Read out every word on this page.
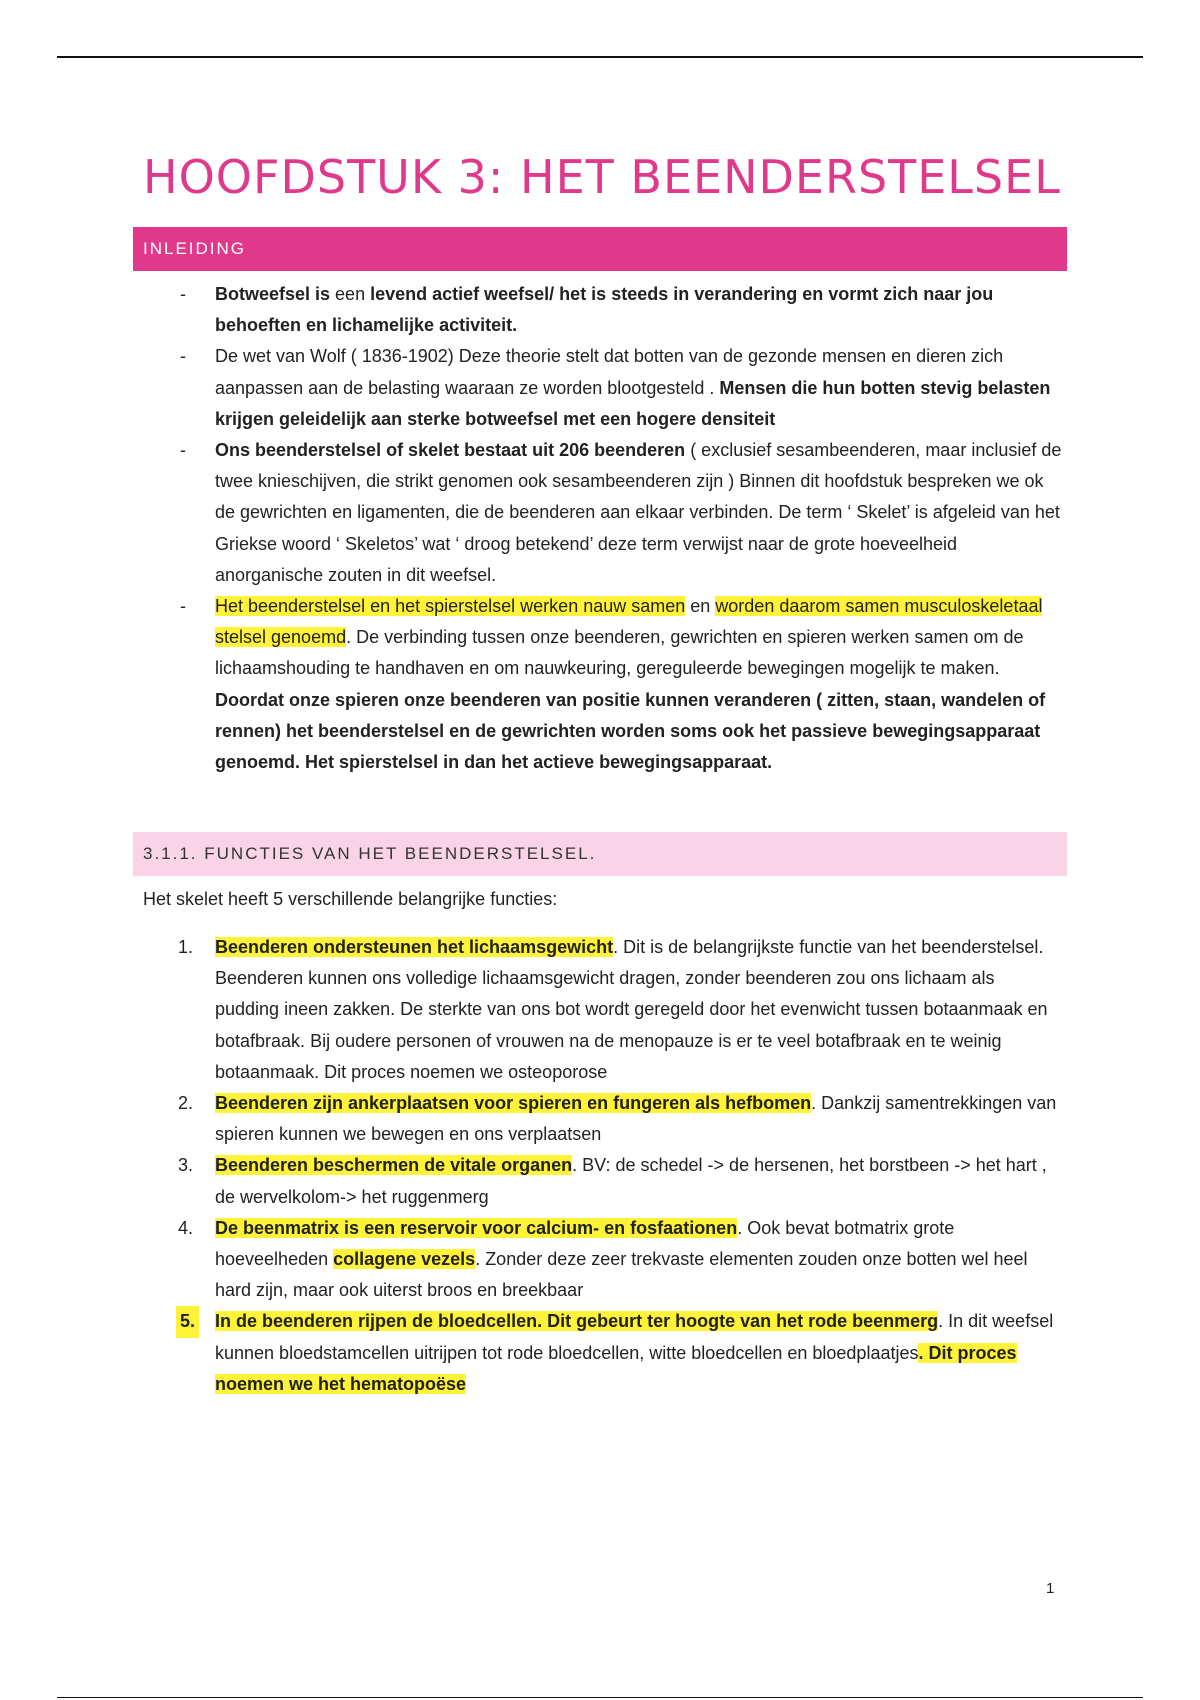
HOOFDSTUK 3: HET BEENDERSTELSEL
INLEIDING
- Botweefsel is een levend actief weefsel/ het is steeds in verandering en vormt zich naar jou behoeften en lichamelijke activiteit.
- De wet van Wolf ( 1836-1902) Deze theorie stelt dat botten van de gezonde mensen en dieren zich aanpassen aan de belasting waaraan ze worden blootgesteld . Mensen die hun botten stevig belasten krijgen geleidelijk aan sterke botweefsel met een hogere densiteit
- Ons beenderstelsel of skelet bestaat uit 206 beenderen ( exclusief sesambeenderen, maar inclusief de twee knieschijven, die strikt genomen ook sesambeenderen zijn ) Binnen dit hoofdstuk bespreken we ok de gewrichten en ligamenten, die de beenderen aan elkaar verbinden. De term ‘ Skelet’ is afgeleid van het Griekse woord ‘ Skeletos’ wat ‘ droog betekend’ deze term verwijst naar de grote hoeveelheid anorganische zouten in dit weefsel.
- Het beenderstelsel en het spierstelsel werken nauw samen en worden daarom samen musculoskeletaal stelsel genoemd. De verbinding tussen onze beenderen, gewrichten en spieren werken samen om de lichaamshouding te handhaven en om nauwkeuring, gereguleerde bewegingen mogelijk te maken. Doordat onze spieren onze beenderen van positie kunnen veranderen ( zitten, staan, wandelen of rennen) het beenderstelsel en de gewrichten worden soms ook het passieve bewegingsapparaat genoemd. Het spierstelsel in dan het actieve bewegingsapparaat.
3.1.1. FUNCTIES VAN HET BEENDERSTELSEL.

Het skelet heeft 5 verschillende belangrijke functies:

1. Beenderen ondersteunen het lichaamsgewicht. Dit is de belangrijkste functie van het beenderstelsel. Beenderen kunnen ons volledige lichaamsgewicht dragen, zonder beenderen zou ons lichaam als pudding ineen zakken. De sterkte van ons bot wordt geregeld door het evenwicht tussen botaanmaak en botafbraak. Bij oudere personen of vrouwen na de menopauze is er te veel botafbraak en te weinig botaanmaak. Dit proces noemen we osteoporose
2. Beenderen zijn ankerplaatsen voor spieren en fungeren als hefbomen. Dankzij samentrekkingen van spieren kunnen we bewegen en ons verplaatsen
3. Beenderen beschermen de vitale organen. BV: de schedel -> de hersenen, het borstbeen -> het hart , de wervelkolom-> het ruggenmerg
4. De beenmatrix is een reservoir voor calcium- en fosfaationen. Ook bevat botmatrix grote hoeveelheden collagene vezels. Zonder deze zeer trekvaste elementen zouden onze botten wel heel hard zijn, maar ook uiterst broos en breekbaar
5. In de beenderen rijpen de bloedcellen. Dit gebeurt ter hoogte van het rode beenmerg. In dit weefsel kunnen bloedstamcellen uitrijpen tot rode bloedcellen, witte bloedcellen en bloedplaatjes. Dit proces noemen we het hematopoëse
1
